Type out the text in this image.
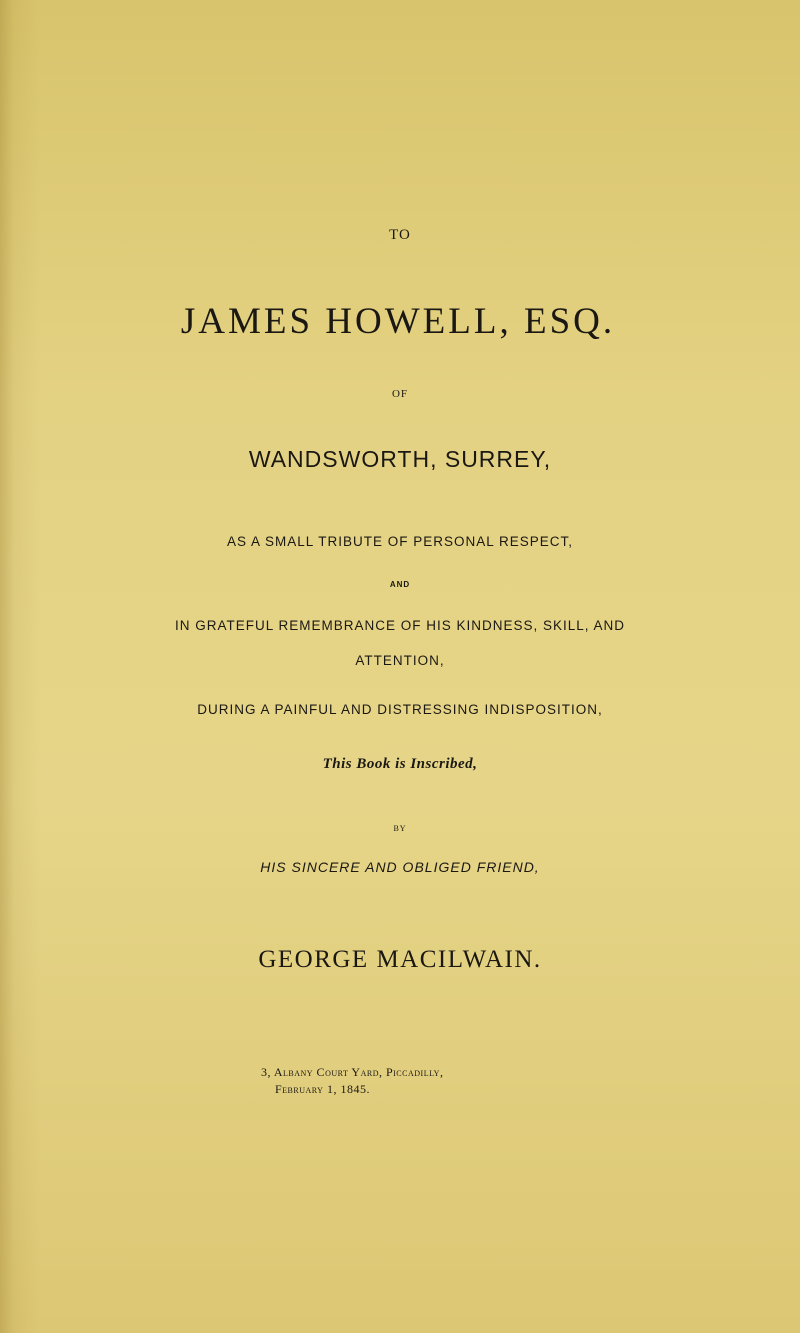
TO

JAMES HOWELL, ESQ.

OF

WANDSWORTH, SURREY,

AS A SMALL TRIBUTE OF PERSONAL RESPECT,

AND

IN GRATEFUL REMEMBRANCE OF HIS KINDNESS, SKILL, AND

ATTENTION,

DURING A PAINFUL AND DISTRESSING INDISPOSITION,

This Book is Inscribed,

BY

HIS SINCERE AND OBLIGED FRIEND,

GEORGE MACILWAIN.

3, Albany Court Yard, Piccadilly,

February 1, 1845.
